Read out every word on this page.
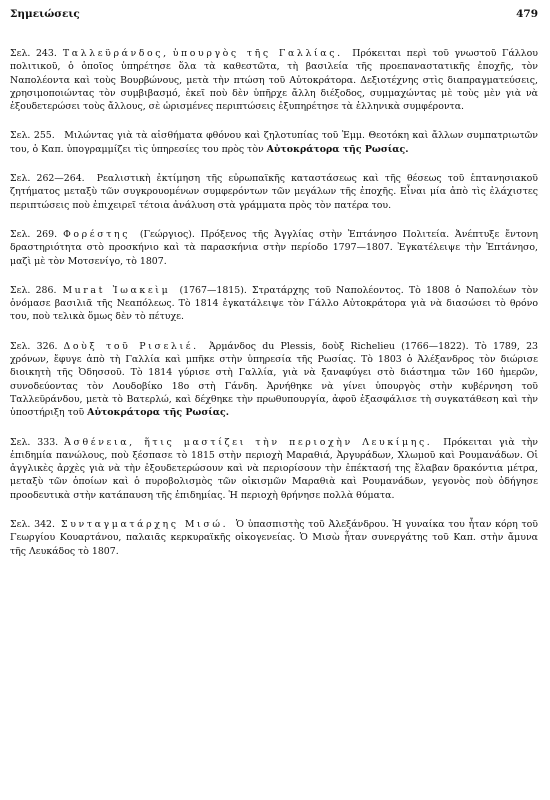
Σημειώσεις	479

Σελ. 243. Ταλλεϋράνδος, ὑπουργὸς τῆς Γαλλίας. Πρόκειται περὶ τοῦ γνωστοῦ Γάλλου πολιτικοῦ, ὁ ὁποῖος ὑπηρέτησε ὅλα τὰ καθεστῶτα, τὴ βασιλεία τῆς προεπαναστατικῆς ἐποχῆς, τὸν Ναπολέοντα καὶ τοὺς Βουρβώνους, μετὰ τὴν πτώση τοῦ Αὐτοκράτορα. Δεξιοτέχνης στὶς διαπραγματεύσεις, χρησιμοποιώντας τὸν συμβιβασμό, ἐκεῖ ποὺ δὲν ὑπῆρχε ἄλλη διέξοδος, συμμαχώντας μὲ τοὺς μὲν γιὰ νὰ ἐξουδετερώσει τοὺς ἄλλους, σὲ ὡρισμένες περιπτώσεις ἐξυπηρέτησε τὰ ἑλληνικὰ συμφέροντα.

Σελ. 255. Μιλώντας γιὰ τὰ αἰσθήματα φθόνου καὶ ζηλοτυπίας τοῦ Ἐμμ. Θεοτόκη καὶ ἄλλων συμπατριωτῶν του, ὁ Καπ. ὑπογραμμίζει τὶς ὑπηρεσίες του πρὸς τὸν Αὐτοκράτορα τῆς Ρωσίας.

Σελ. 262—264. Ρεαλιστικὴ ἐκτίμηση τῆς εὐρωπαϊκῆς καταστάσεως καὶ τῆς θέσεως τοῦ ἑπτανησιακοῦ ζητήματος μεταξὺ τῶν συγκρουομένων συμφερόντων τῶν μεγάλων τῆς ἐποχῆς. Εἶναι μία ἀπὸ τὶς ἐλάχιστες περιπτώσεις ποὺ ἐπιχειρεῖ τέτοια ἀνάλυση στὰ γράμματα πρὸς τὸν πατέρα του.

Σελ. 269. Φορέστης (Γεώργιος). Πρόξενος τῆς Ἀγγλίας στὴν Ἑπτάνησο Πολιτεία. Ἀνέπτυξε ἔντονη δραστηριότητα στὸ προσκήνιο καὶ τὰ παρασκήνια στὴν περίοδο 1797—1807. Ἐγκατέλειψε τὴν Ἑπτάνησο, μαζὶ μὲ τὸν Μοτσενίγο, τὸ 1807.

Σελ. 286. Murat Ἰωακεὶμ (1767—1815). Στρατάρχης τοῦ Ναπολέοντος. Τὸ 1808 ὁ Ναπολέων τὸν ὀνόμασε βασιλιᾶ τῆς Νεαπόλεως. Τὸ 1814 ἐγκατάλειψε τὸν Γάλλο Αὐτοκράτορα γιὰ νὰ διασώσει τὸ θρόνο του, ποὺ τελικὰ ὅμως δὲν τὸ πέτυχε.

Σελ. 326. Δοὺξ τοῦ Ρισελιέ. Ἀρμάνδος du Plessis, δοὺξ Richelieu (1766—1822). Τὸ 1789, 23 χρόνων, ἔφυγε ἀπὸ τὴ Γαλλία καὶ μπῆκε στὴν ὑπηρεσία τῆς Ρωσίας. Τὸ 1803 ὁ Ἀλέξανδρος τὸν διώρισε διοικητὴ τῆς Ὀδησσοῦ. Τὸ 1814 γύρισε στὴ Γαλλία, γιὰ νὰ ξαναφύγει στὸ διάστημα τῶν 160 ἡμερῶν, συνοδεύοντας τὸν Λουδοβίκο 18ο στὴ Γάνδη. Ἀρνήθηκε νὰ γίνει ὑπουργὸς στὴν κυβέρνηση τοῦ Ταλλεϋράνδου, μετὰ τὸ Βατερλώ, καὶ δέχθηκε τὴν πρωθυπουργία, ἀφοῦ ἐξασφάλισε τὴ συγκατάθεση καὶ τὴν ὑποστήριξη τοῦ Αὐτοκράτορα τῆς Ρωσίας.

Σελ. 333. Ἀσθένεια, ἥτις μαστίζει τὴν περιοχὴν Λευκίμης. Πρόκειται γιὰ τὴν ἐπιδημία πανώλους, ποὺ ξέσπασε τὸ 1815 στὴν περιοχὴ Μαραθιά, Ἀργυράδων, Χλωμοῦ καὶ Ρουμανάδων. Οἱ ἀγγλικὲς ἀρχὲς γιὰ νὰ τὴν ἐξουδετερώσουν καὶ νὰ περιορίσουν τὴν ἐπέκτασή της ἔλαβαν δρακόντια μέτρα, μεταξὺ τῶν ὁποίων καὶ ὁ πυροβολισμὸς τῶν οἰκισμῶν Μαραθιὰ καὶ Ρουμανάδων, γεγονὸς ποὺ ὁδήγησε προοδευτικὰ στὴν κατάπαυση τῆς ἐπιδημίας. Ἡ περιοχὴ θρήνησε πολλὰ θύματα.

Σελ. 342. Συνταγματάρχης Μισώ. Ὁ ὑπασπιστὴς τοῦ Ἀλεξάνδρου. Ἡ γυναίκα του ἦταν κόρη τοῦ Γεωργίου Κουαρτάνου, παλαιᾶς κερκυραϊκῆς οἰκογενείας. Ὁ Μισὼ ἦταν συνεργάτης τοῦ Καπ. στὴν ἄμυνα τῆς Λευκάδος τὸ 1807.
